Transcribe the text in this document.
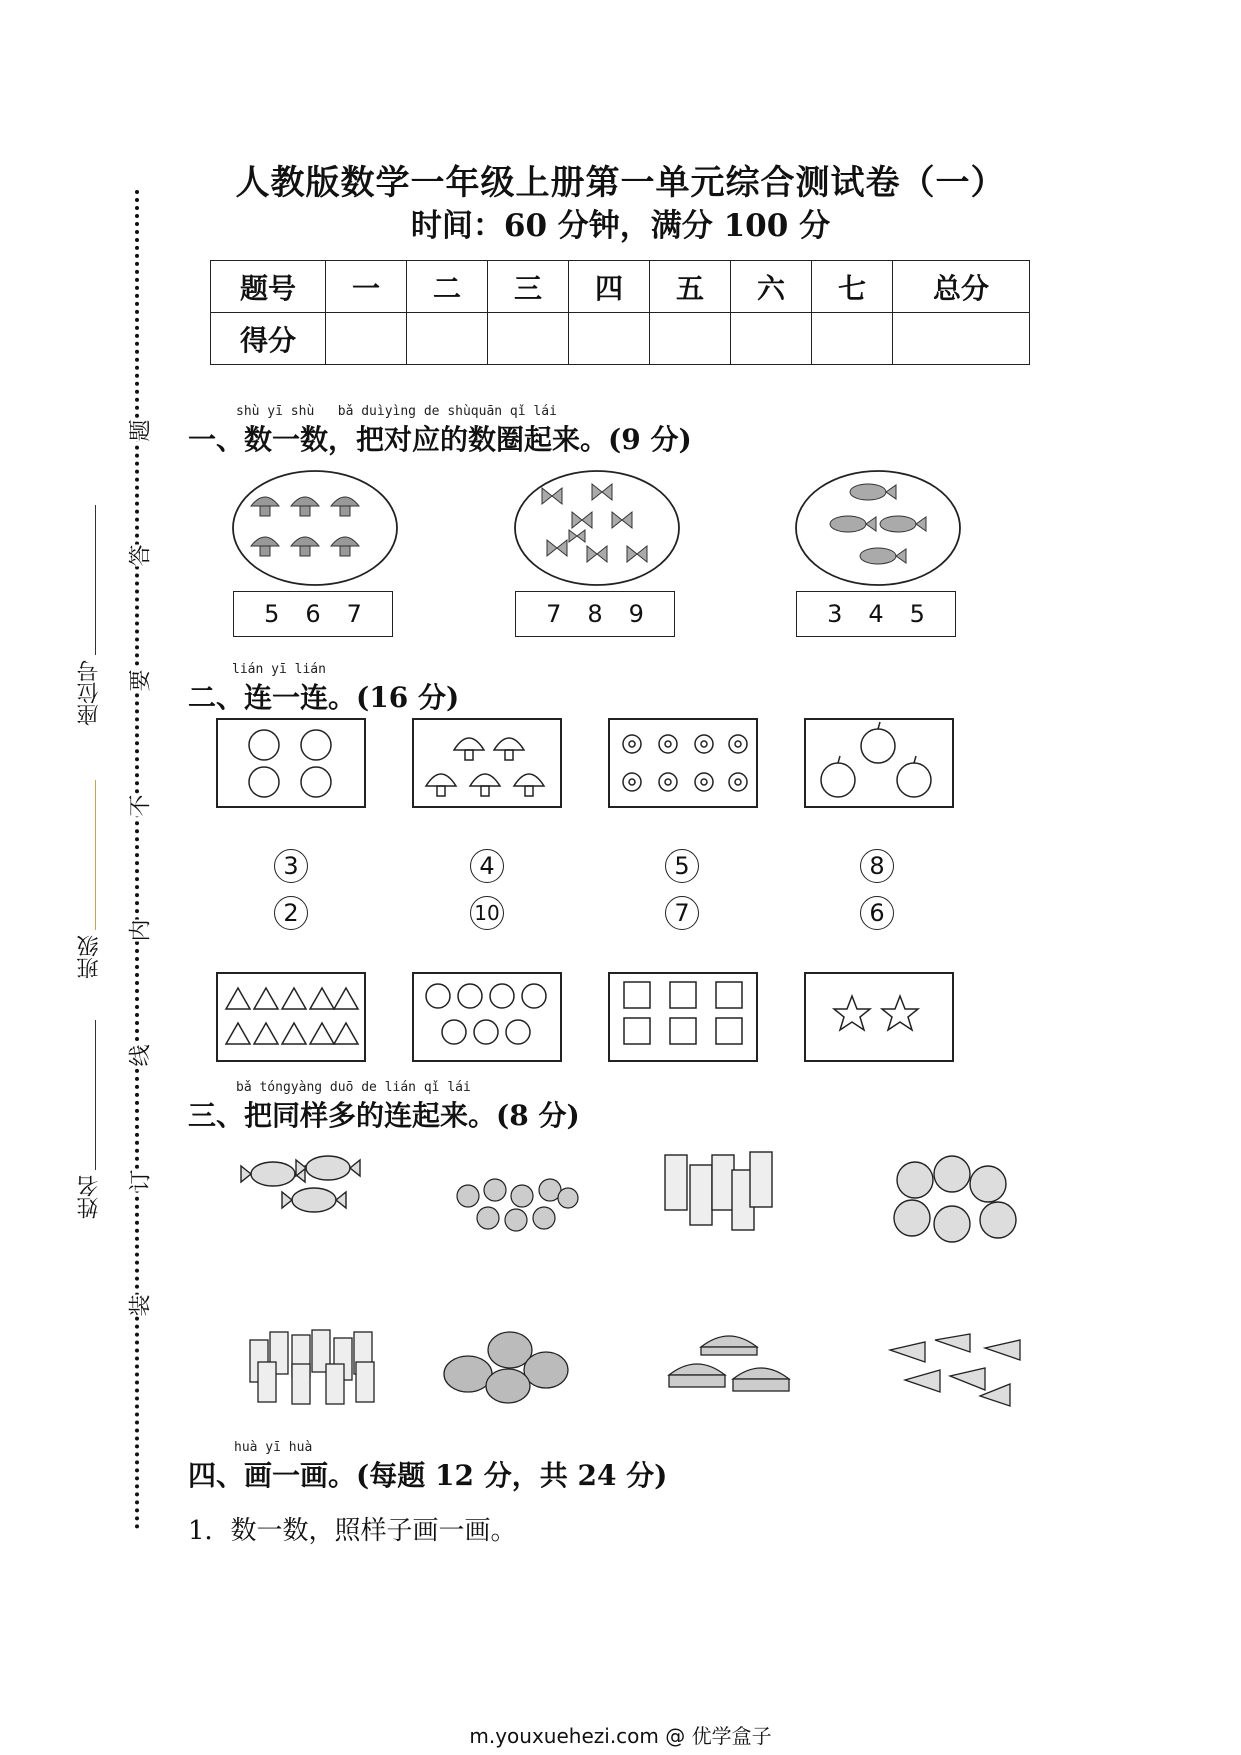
题
答
要
不
内
线
订
装
座位号
班级
姓名
人教版数学一年级上册第一单元综合测试卷（一）
时间：60 分钟，满分 100 分
题号	一	二	三	四	五	六	七	总分
得分								
shù yī shù   bǎ duìyìng de shùquān qǐ lái
一、数一数，把对应的数圈起来。(9 分)
5 6 7	7 8 9	3 4 5
lián yī lián
二、连一连。(16 分)
3	4	5	8
2	10	7	6
bǎ tóngyàng duō de lián qǐ lái
三、把同样多的连起来。(8 分)
huà yī huà
四、画一画。(每题 12 分，共 24 分)
1．数一数，照样子画一画。
m.youxuehezi.com @ 优学盒子
